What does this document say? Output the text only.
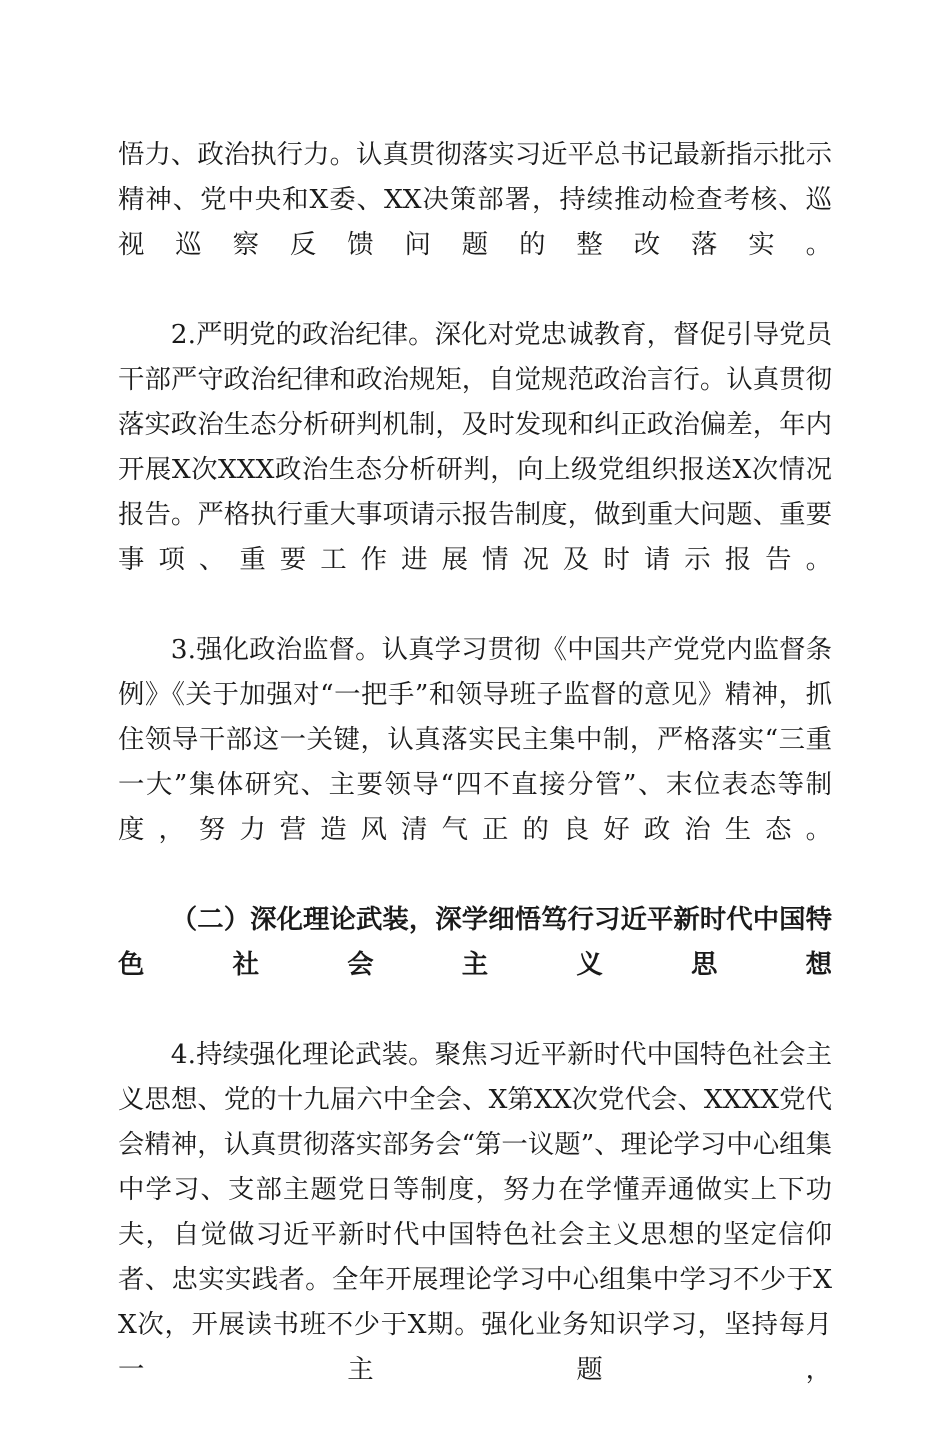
悟力、政治执行力。认真贯彻落实习近平总书记最新指示批示精神、党中央和X委、XX决策部署，持续推动检查考核、巡视巡察反馈问题的整改落实。

2.严明党的政治纪律。深化对党忠诚教育，督促引导党员干部严守政治纪律和政治规矩，自觉规范政治言行。认真贯彻落实政治生态分析研判机制，及时发现和纠正政治偏差，年内开展X次XXX政治生态分析研判，向上级党组织报送X次情况报告。严格执行重大事项请示报告制度，做到重大问题、重要事项、重要工作进展情况及时请示报告。

3.强化政治监督。认真学习贯彻《中国共产党党内监督条例》《关于加强对“一把手”和领导班子监督的意见》精神，抓住领导干部这一关键，认真落实民主集中制，严格落实“三重一大”集体研究、主要领导“四不直接分管”、末位表态等制度，努力营造风清气正的良好政治生态。

（二）深化理论武装，深学细悟笃行习近平新时代中国特色社会主义思想

4.持续强化理论武装。聚焦习近平新时代中国特色社会主义思想、党的十九届六中全会、X第XX次党代会、XXXX党代会精神，认真贯彻落实部务会“第一议题”、理论学习中心组集中学习、支部主题党日等制度，努力在学懂弄通做实上下功夫，自觉做习近平新时代中国特色社会主义思想的坚定信仰者、忠实实践者。全年开展理论学习中心组集中学习不少于XX次，开展读书班不少于X期。强化业务知识学习，坚持每月一主题，
